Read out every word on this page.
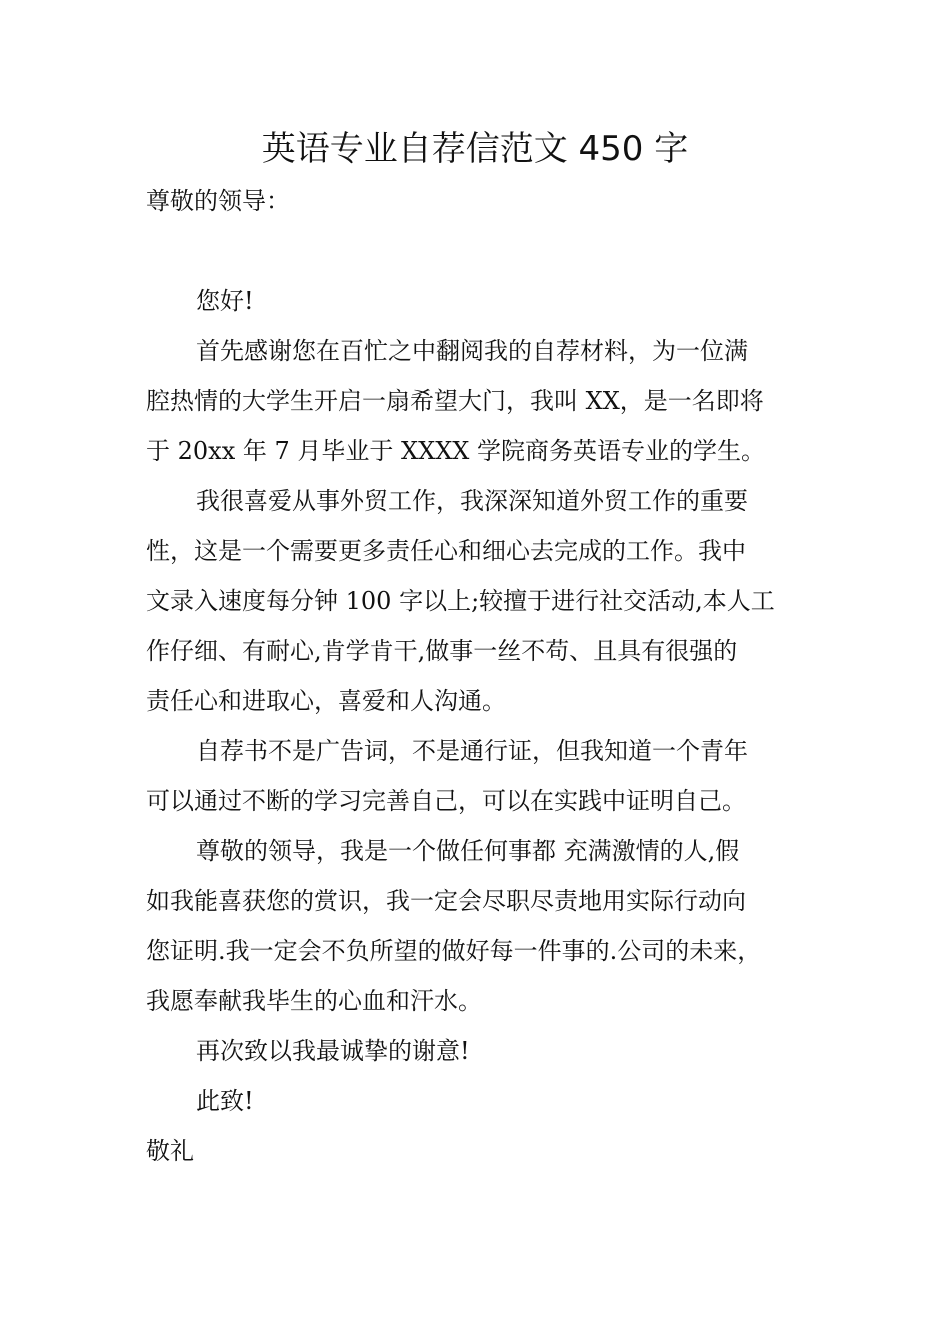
英语专业自荐信范文 450 字
尊敬的领导：
您好!
首先感谢您在百忙之中翻阅我的自荐材料，为一位满
腔热情的大学生开启一扇希望大门，我叫 XX，是一名即将
于 20xx 年 7 月毕业于 XXXX 学院商务英语专业的学生。
我很喜爱从事外贸工作，我深深知道外贸工作的重要
性，这是一个需要更多责任心和细心去完成的工作。我中
文录入速度每分钟 100 字以上;较擅于进行社交活动,本人工
作仔细、有耐心,肯学肯干,做事一丝不苟、且具有很强的
责任心和进取心，喜爱和人沟通。
自荐书不是广告词，不是通行证，但我知道一个青年
可以通过不断的学习完善自己，可以在实践中证明自己。
尊敬的领导，我是一个做任何事都 充满激情的人,假
如我能喜获您的赏识，我一定会尽职尽责地用实际行动向
您证明.我一定会不负所望的做好每一件事的.公司的未来，
我愿奉献我毕生的心血和汗水。
再次致以我最诚挚的谢意!
此致!
敬礼
